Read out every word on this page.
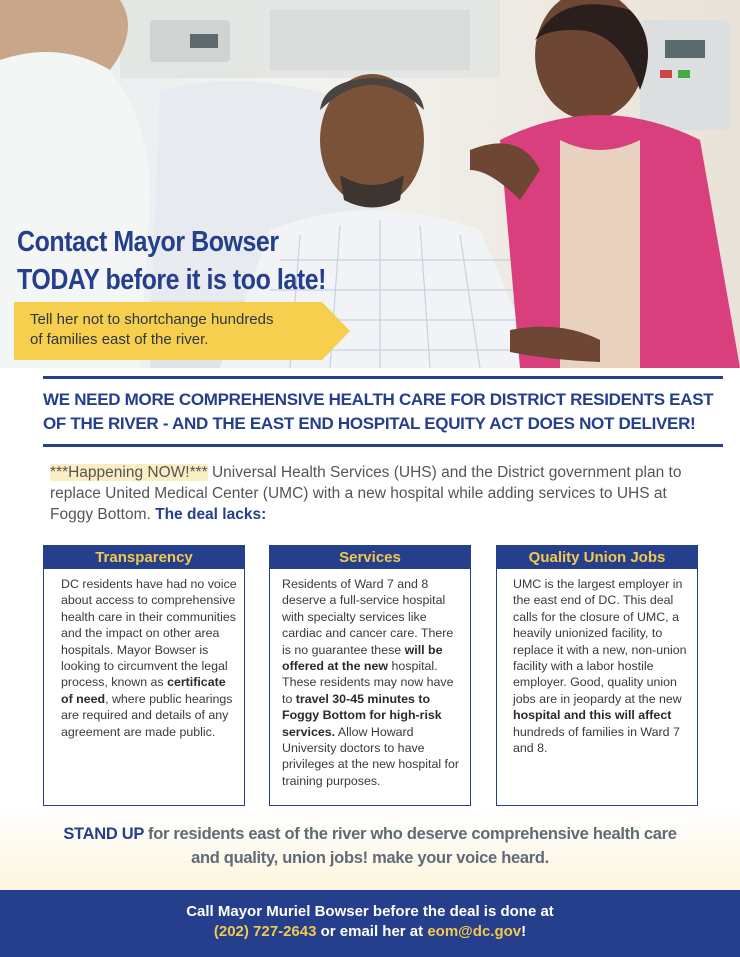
Contact Mayor Bowser
TODAY before it is too late!
Tell her not to shortchange hundreds
of families east of the river.
WE NEED MORE COMPREHENSIVE HEALTH CARE FOR DISTRICT RESIDENTS EAST
OF THE RIVER - AND THE EAST END HOSPITAL EQUITY ACT DOES NOT DELIVER!

***Happening NOW!*** Universal Health Services (UHS) and the District government plan to replace United Medical Center (UMC) with a new hospital while adding services to UHS at Foggy Bottom. The deal lacks:

Transparency
DC residents have had no voice about access to comprehensive health care in their communities and the impact on other area hospitals. Mayor Bowser is looking to circumvent the legal process, known as certificate of need, where public hearings are required and details of any agreement are made public.
Services
Residents of Ward 7 and 8 deserve a full-service hospital with specialty services like cardiac and cancer care. There is no guarantee these will be offered at the new hospital. These residents may now have to travel 30-45 minutes to Foggy Bottom for high-risk services. Allow Howard University doctors to have privileges at the new hospital for training purposes.
Quality Union Jobs
UMC is the largest employer in the east end of DC. This deal calls for the closure of UMC, a heavily unionized facility, to replace it with a new, non-union facility with a labor hostile employer. Good, quality union jobs are in jeopardy at the new hospital and this will affect hundreds of families in Ward 7 and 8.
STAND UP for residents east of the river who deserve comprehensive health care
and quality, union jobs! make your voice heard.
Call Mayor Muriel Bowser before the deal is done at
(202) 727-2643 or email her at eom@dc.gov!
